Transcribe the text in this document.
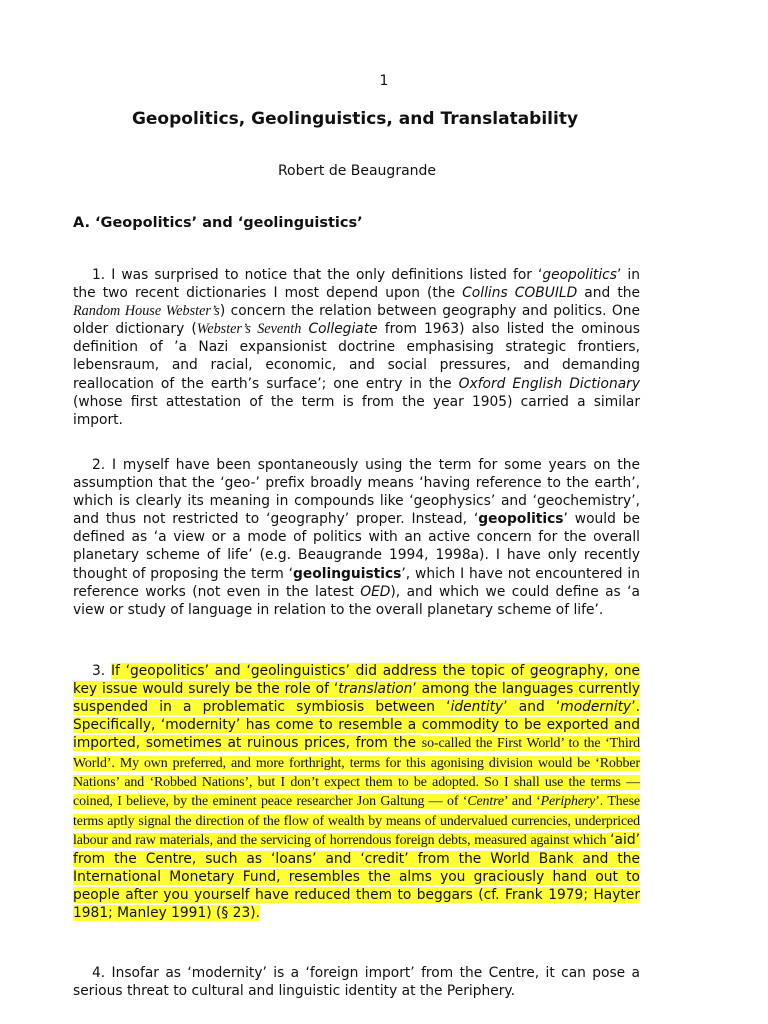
1
Geopolitics, Geolinguistics, and Translatability
Robert de Beaugrande
A. ‘Geopolitics’ and ‘geolinguistics’

1. I was surprised to notice that the only definitions listed for ‘geopolitics’ in the two recent dictionaries I most depend upon (the Collins COBUILD and the Random House Webster’s) concern the relation between geography and politics. One older dictionary (Webster’s Seventh Collegiate from 1963) also listed the ominous definition of ’a Nazi expansionist doctrine emphasising strategic frontiers, lebensraum, and racial, economic, and social pressures, and demanding reallocation of the earth’s surface’; one entry in the Oxford English Dictionary (whose first attestation of the term is from the year 1905) carried a similar import.

2. I myself have been spontaneously using the term for some years on the assumption that the ‘geo-’ prefix broadly means ‘having reference to the earth’, which is clearly its meaning in compounds like ‘geophysics’ and ‘geochemistry’, and thus not restricted to ‘geography’ proper. Instead, ‘geopolitics’ would be defined as ‘a view or a mode of politics with an active concern for the overall planetary scheme of life’ (e.g. Beaugrande 1994, 1998a). I have only recently thought of proposing the term ‘geolinguistics’, which I have not encountered in reference works (not even in the latest OED), and which we could define as ‘a view or study of language in relation to the overall planetary scheme of life’.

3. If ‘geopolitics’ and ‘geolinguistics’ did address the topic of geography, one key issue would surely be the role of ‘translation’ among the languages currently suspended in a problematic symbiosis between ‘identity’ and ‘modernity’. Specifically, ‘modernity’ has come to resemble a commodity to be exported and imported, sometimes at ruinous prices, from the so-called the First World’ to the ‘Third World’. My own preferred, and more forthright, terms for this agonising division would be ‘Robber Nations’ and ‘Robbed Nations’, but I don’t expect them to be adopted. So I shall use the terms — coined, I believe, by the eminent peace researcher Jon Galtung — of ‘Centre’ and ‘Periphery’. These terms aptly signal the direction of the flow of wealth by means of undervalued currencies, underpriced labour and raw materials, and the servicing of horrendous foreign debts, measured against which ‘aid’ from the Centre, such as ‘loans’ and ‘credit’ from the World Bank and the International Monetary Fund, resembles the alms you graciously hand out to people after you yourself have reduced them to beggars (cf. Frank 1979; Hayter 1981; Manley 1991) (§ 23).

4. Insofar as ‘modernity’ is a ‘foreign import’ from the Centre, it can pose a serious threat to cultural and linguistic identity at the Periphery.
